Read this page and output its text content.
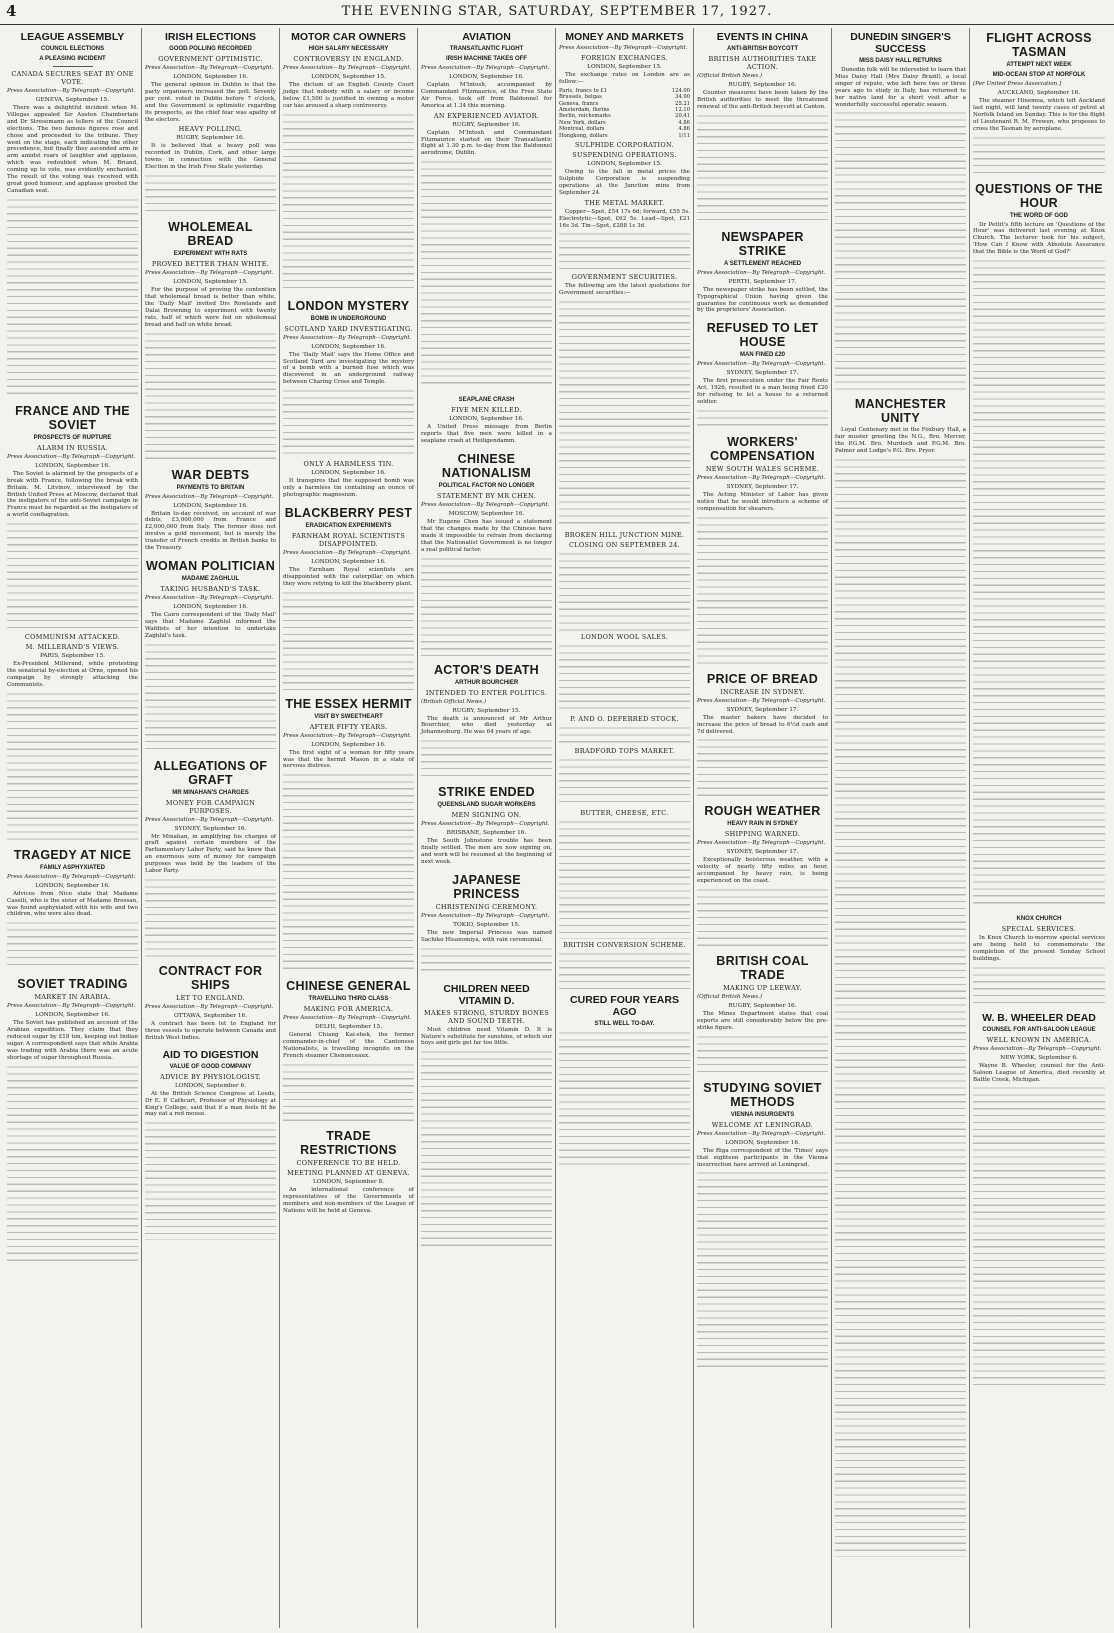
4	THE EVENING STAR, SATURDAY, SEPTEMBER 17, 1927.
LEAGUE ASSEMBLY
COUNCIL ELECTIONS
A PLEASING INCIDENT
CANADA SECURES SEAT BY ONE VOTE.
Press Association—By Telegraph—Copyright.
GENEVA, September 15.
There was a delightful incident when M. Villegas appealed Sir Austen Chamberlain and Dr Stresemann as tellers of the Council elections. The two famous figures rose and chose and proceeded to the tribune. They went on the stage, each indicating the other precedence, but finally they ascended arm in arm amidst roars of laughter and applause, which was redoubled when M. Briand, coming up to vote, was evidently enchanted. The result of the voting was received with great good humour, and applause greeted the Canadian seat.
FRANCE AND THE SOVIET
PROSPECTS OF RUPTURE
ALARM IN RUSSIA.
Press Association—By Telegraph—Copyright.
LONDON, September 16.
The Soviet is alarmed by the prospects of a break with France, following the break with Britain. M. Litvinov, interviewed by the British United Press at Moscow, declared that the instigators of the anti-Soviet campaign in France must be regarded as the instigators of a world conflagration.
COMMUNISM ATTACKED.
M. MILLERAND'S VIEWS.
PARIS, September 15.
Ex-President Millerand, while protesting the senatorial by-election at Orne, opened his campaign by strongly attacking the Communists.
TRAGEDY AT NICE
FAMILY ASPHYXIATED
Press Association—By Telegraph—Copyright.
LONDON, September 16.
Advices from Nice state that Madame Caselli, who is the sister of Madame Bressan, was found asphyxiated with his wife and two children, who were also dead.
SOVIET TRADING
MARKET IN ARABIA.
Press Association—By Telegraph—Copyright.
LONDON, September 16.
The Soviet has published an account of the Arabian expedition. They claim that they reduced sugar by £18 ton, keeping out Indian sugar. A correspondent says that while Arabia was trading with Arabia there was an acute shortage of sugar throughout Russia.
IRISH ELECTIONS
GOOD POLLING RECORDED
GOVERNMENT OPTIMISTIC.
Press Association—By Telegraph—Copyright.
LONDON, September 16.
The general opinion in Dublin is that the party organisers increased the poll. Seventy per cent. voted in Dublin before 7 o'clock, and the Government is optimistic regarding its prospects, as the chief fear was apathy of the electors.
HEAVY POLLING.
RUGBY, September 16.
It is believed that a heavy poll was recorded in Dublin, Cork, and other large towns in connection with the General Election in the Irish Free State yesterday.
WHOLEMEAL BREAD
EXPERIMENT WITH RATS
PROVED BETTER THAN WHITE.
Press Association—By Telegraph—Copyright.
LONDON, September 15.
For the purpose of proving the contention that wholemeal bread is better than white, the 'Daily Mail' invited Drs Rowlands and Dalai Browning to experiment with twenty rats, half of which were fed on wholemeal bread and half on white bread.
WAR DEBTS
PAYMENTS TO BRITAIN
Press Association—By Telegraph—Copyright.
LONDON, September 16.
Britain to-day received, on account of war debts, £3,000,000 from France and £2,000,000 from Italy. The former does not involve a gold movement, but is merely the transfer of French credits in British banks to the Treasury.
WOMAN POLITICIAN
MADAME ZAGHLUL
TAKING HUSBAND'S TASK.
Press Association—By Telegraph—Copyright.
LONDON, September 16.
The Cairo correspondent of the 'Daily Mail' says that Madame Zaghlul informed the Wafdists of her intention to undertake Zaghlul's task.
ALLEGATIONS OF GRAFT
MR MINAHAN'S CHARGES
MONEY FOR CAMPAIGN PURPOSES.
Press Association—By Telegraph—Copyright.
SYDNEY, September 16.
Mr Minahan, in amplifying his charges of graft against certain members of the Parliamentary Labor Party, said he knew that an enormous sum of money for campaign purposes was held by the leaders of the Labor Party.
CONTRACT FOR SHIPS
LET TO ENGLAND.
Press Association—By Telegraph—Copyright.
OTTAWA, September 16.
A contract has been let to England for three vessels to operate between Canada and British West Indies.
AID TO DIGESTION
VALUE OF GOOD COMPANY
ADVICE BY PHYSIOLOGIST.
LONDON, September 6.
At the British Science Congress at Leeds, Dr E. P. Cathcart, Professor of Physiology at King's College, said that if a man feels fit he may eat a red mouse.
MOTOR CAR OWNERS
HIGH SALARY NECESSARY
CONTROVERSY IN ENGLAND.
Press Association—By Telegraph—Copyright.
LONDON, September 15.
The dictum of an English County Court judge that nobody with a salary or income below £1,500 is justified in owning a motor car has aroused a sharp controversy.
LONDON MYSTERY
BOMB IN UNDERGROUND
SCOTLAND YARD INVESTIGATING.
Press Association—By Telegraph—Copyright.
LONDON, September 16.
The 'Daily Mail' says the Home Office and Scotland Yard are investigating the mystery of a bomb with a burned fuse which was discovered in an underground railway between Charing Cross and Temple.
ONLY A HARMLESS TIN.
LONDON, September 16.
It transpires that the supposed bomb was only a harmless tin containing an ounce of photographic magnesium.
BLACKBERRY PEST
ERADICATION EXPERIMENTS
FARNHAM ROYAL SCIENTISTS DISAPPOINTED.
Press Association—By Telegraph—Copyright.
LONDON, September 16.
The Farnham Royal scientists are disappointed with the caterpillar on which they were relying to kill the blackberry plant.
THE ESSEX HERMIT
VISIT BY SWEETHEART
AFTER FIFTY YEARS.
Press Association—By Telegraph—Copyright.
LONDON, September 16.
The first sight of a woman for fifty years was that the hermit Mason in a state of nervous distress.
CHINESE GENERAL
TRAVELLING THIRD CLASS
MAKING FOR AMERICA.
Press Association—By Telegraph—Copyright.
DELHI, September 15.
General Chiang Kai-shek, the former commander-in-chief of the Cantonese Nationalists, is travelling incognito on the French steamer Chenonceaux.
TRADE RESTRICTIONS
CONFERENCE TO BE HELD.
MEETING PLANNED AT GENEVA.
LONDON, September 8.
An international conference of representatives of the Governments of members and non-members of the League of Nations will be held at Geneva.
AVIATION
TRANSATLANTIC FLIGHT
IRISH MACHINE TAKES OFF
Press Association—By Telegraph—Copyright.
LONDON, September 16.
Captain M'Intosh, accompanied by Commandant Fitzmaurice, of the Free State Air Force, took off from Baldonnel for America at 1.34 this morning.
AN EXPERIENCED AVIATOR.
RUGBY, September 16.
Captain M'Intosh and Commandant Fitzmaurice started on their Transatlantic flight at 1.30 p.m. to-day from the Baldonnel aerodrome, Dublin.
SEAPLANE CRASH
FIVE MEN KILLED.
LONDON, September 16.
A United Press message from Berlin reports that five men were killed in a seaplane crash at Heiligendamm.
CHINESE NATIONALISM
POLITICAL FACTOR NO LONGER
STATEMENT BY MR CHEN.
Press Association—By Telegraph—Copyright.
MOSCOW, September 16.
Mr Eugene Chen has issued a statement that the changes made by the Chinese have made it impossible to refrain from declaring that the Nationalist Government is no longer a real political factor.
ACTOR'S DEATH
ARTHUR BOURCHIER
INTENDED TO ENTER POLITICS.
(British Official News.)
RUGBY, September 15.
The death is announced of Mr Arthur Bourchier, who died yesterday at Johannesburg. He was 64 years of age.
STRIKE ENDED
QUEENSLAND SUGAR WORKERS
MEN SIGNING ON.
Press Association—By Telegraph—Copyright.
BRISBANE, September 16.
The South Johnstone trouble has been finally settled. The men are now signing on, and work will be resumed at the beginning of next week.
JAPANESE PRINCESS
CHRISTENING CEREMONY.
Press Association—By Telegraph—Copyright.
TOKIO, September 15.
The new Imperial Princess was named Sachiko Hisanomiya, with rain ceremonial.
CHILDREN NEED VITAMIN D.
MAKES STRONG, STURDY BONES AND SOUND TEETH.
Most children need Vitamin D. It is Nature's substitute for sunshine, of which our boys and girls get far too little.
MONEY AND MARKETS
Press Association—By Telegraph—Copyright.
FOREIGN EXCHANGES.
LONDON, September 15.
The exchange rates on London are as follow:—
Paris, francs to £1	124.00
Brussels, belgas	34.90
Geneva, francs	25.21
Amsterdam, florins	12.10
Berlin, reichsmarks	20.41
New York, dollars	4.86
Montreal, dollars	4.86
Hongkong, dollars	1/11
SULPHIDE CORPORATION.
SUSPENDING OPERATIONS.
LONDON, September 15.
Owing to the fall in metal prices the Sulphide Corporation is suspending operations at the Junction mine from September 24.
THE METAL MARKET.
Copper—Spot, £54 17s 6d; forward, £55 5s. Electrolytic—Spot, £62 5s. Lead—Spot, £21 16s 3d. Tin—Spot, £288 1s 3d.
GOVERNMENT SECURITIES.
The following are the latest quotations for Government securities:—
BROKEN HILL JUNCTION MINE.
CLOSING ON SEPTEMBER 24.
LONDON WOOL SALES.
P. AND O. DEFERRED STOCK.
BRADFORD TOPS MARKET.
BUTTER, CHEESE, ETC.
BRITISH CONVERSION SCHEME.
CURED FOUR YEARS AGO
STILL WELL TO-DAY.
EVENTS IN CHINA
ANTI-BRITISH BOYCOTT
BRITISH AUTHORITIES TAKE ACTION.
(Official British News.)
RUGBY, September 16.
Counter measures have been taken by the British authorities to meet the threatened renewal of the anti-British boycott at Canton.
NEWSPAPER STRIKE
A SETTLEMENT REACHED
Press Association—By Telegraph—Copyright.
PERTH, September 17.
The newspaper strike has been settled, the Typographical Union having given the guarantee for continuous work as demanded by the proprietors' Association.
REFUSED TO LET HOUSE
MAN FINED £20
Press Association—By Telegraph—Copyright.
SYDNEY, September 17.
The first prosecution under the Fair Rents Act, 1926, resulted in a man being fined £20 for refusing to let a house to a returned soldier.
WORKERS' COMPENSATION
NEW SOUTH WALES SCHEME.
Press Association—By Telegraph—Copyright.
SYDNEY, September 17.
The Acting Minister of Labor has given notice that he would introduce a scheme of compensation for shearers.
PRICE OF BREAD
INCREASE IN SYDNEY.
Press Association—By Telegraph—Copyright.
SYDNEY, September 17.
The master bakers have decided to increase the price of bread to 6½d cash and 7d delivered.
ROUGH WEATHER
HEAVY RAIN IN SYDNEY
SHIPPING WARNED.
Press Association—By Telegraph—Copyright.
SYDNEY, September 17.
Exceptionally boisterous weather, with a velocity of nearly fifty miles an hour, accompanied by heavy rain, is being experienced on the coast.
BRITISH COAL TRADE
MAKING UP LEEWAY.
(Official British News.)
RUGBY, September 16.
The Mines Department states that coal exports are still considerably below the pre-strike figure.
STUDYING SOVIET METHODS
VIENNA INSURGENTS
WELCOME AT LENINGRAD.
Press Association—By Telegraph—Copyright.
LONDON, September 16.
The Riga correspondent of the 'Times' says that eighteen participants in the Vienna insurrection have arrived at Leningrad.
DUNEDIN SINGER'S SUCCESS
MISS DAISY HALL RETURNS
Dunedin folk will be interested to learn that Miss Daisy Hall (Mrs Daisy Brazil), a local singer of repute, who left here two or three years ago to study in Italy, has returned to her native land for a short visit after a wonderfully successful operatic season.
MANCHESTER UNITY
Loyal Centenary met in the Foxbury Hall, a fair muster greeting the N.G., Bro. Mercer, the P.G.M. Bro. Murdoch and P.G.M. Bro. Palmer and Lodge's P.G. Bro. Pryor.
FLIGHT ACROSS TASMAN
ATTEMPT NEXT WEEK
MID-OCEAN STOP AT NORFOLK
[Per United Press Association.]
AUCKLAND, September 16.
The steamer Hinemoa, which left Auckland last night, will land twenty cases of petrol at Norfolk Island on Sunday. This is for the flight of Lieutenant R. M. Frewen, who proposes to cross the Tasman by aeroplane.
QUESTIONS OF THE HOUR
THE WORD OF GOD
Dr Pettit's fifth lecture on 'Questions of the Hour' was delivered last evening at Knox Church. The lecturer took for his subject, 'How Can I Know with Absolute Assurance that the Bible is the Word of God?'
KNOX CHURCH
SPECIAL SERVICES.
In Knox Church to-morrow special services are being held to commemorate the completion of the present Sunday School buildings.
W. B. WHEELER DEAD
COUNSEL FOR ANTI-SALOON LEAGUE
WELL KNOWN IN AMERICA.
Press Association—By Telegraph—Copyright.
NEW YORK, September 6.
Wayne B. Wheeler, counsel for the Anti-Saloon League of America, died recently at Battle Creek, Michigan.
